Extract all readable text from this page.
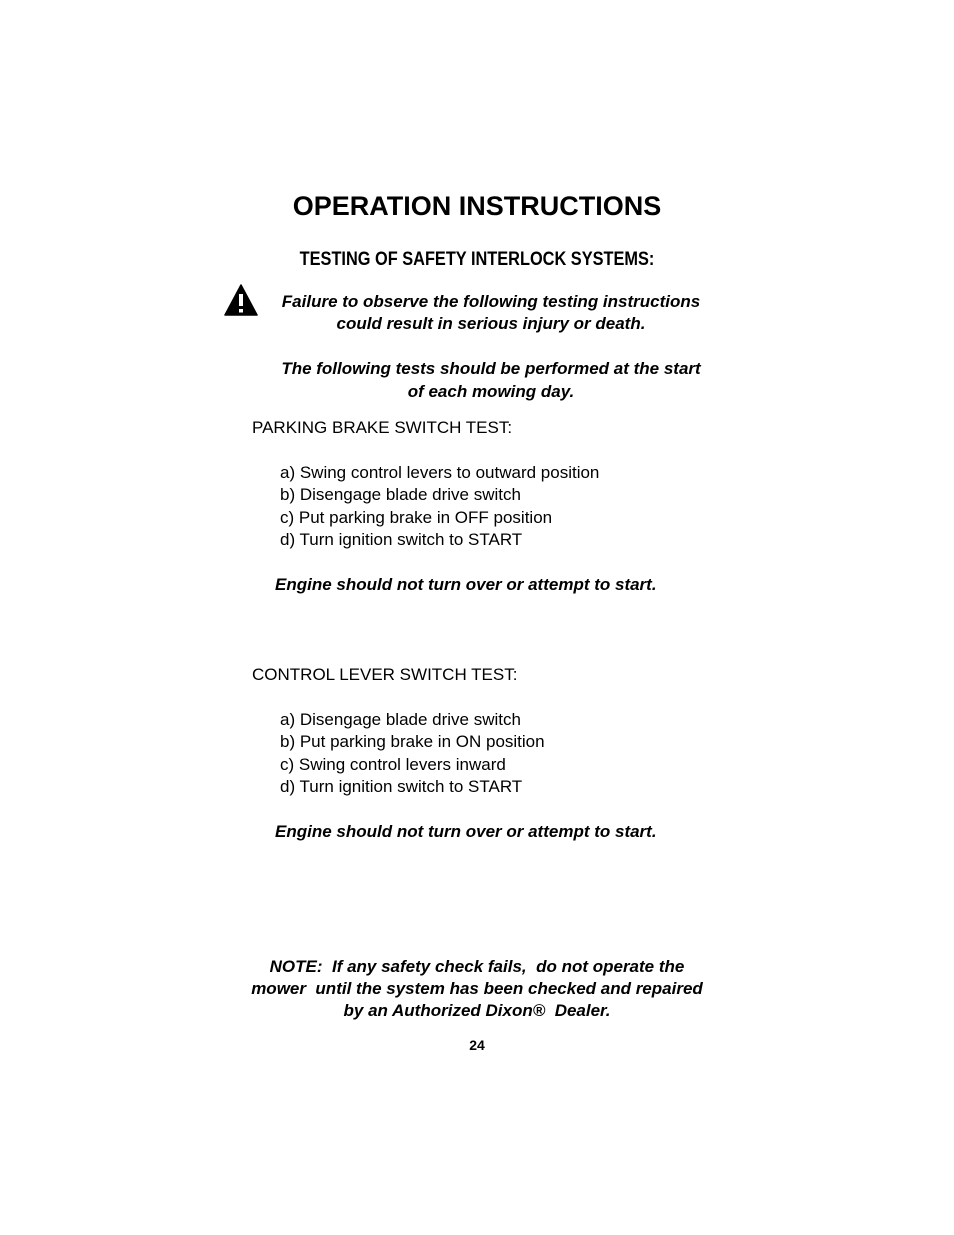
OPERATION INSTRUCTIONS
TESTING OF SAFETY INTERLOCK SYSTEMS:
Failure to observe the following testing instructions
could result in serious injury or death.
The following tests should be performed at the start
of each mowing day.
PARKING BRAKE SWITCH TEST:
a) Swing control levers to outward position
b) Disengage blade drive switch
c) Put parking brake in OFF position
d) Turn ignition switch to START
Engine should not turn over or attempt to start.
CONTROL LEVER SWITCH TEST:
a) Disengage blade drive switch
b) Put parking brake in ON position
c) Swing control levers inward
d) Turn ignition switch to START
Engine should not turn over or attempt to start.
NOTE:  If any safety check fails,  do not operate the
mower  until the system has been checked and repaired
by an Authorized Dixon®  Dealer.
24
